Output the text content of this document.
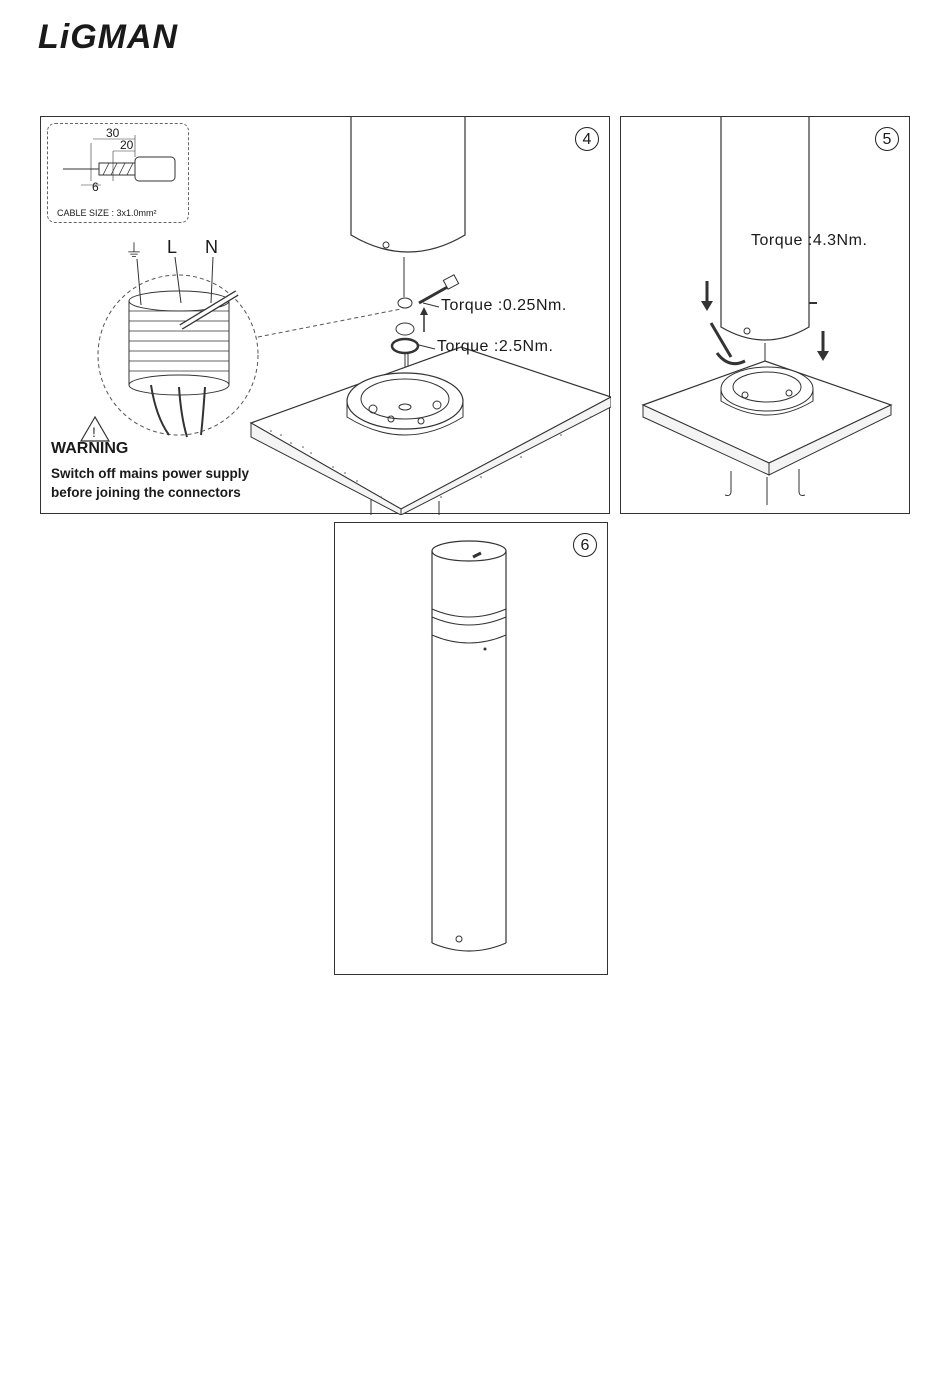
LiGMAN
!
30
20
6
CABLE SIZE : 3x1.0mm²
4
⏚ L N
Torque :0.25Nm.
Torque :2.5Nm.
WARNING
Switch off mains power supply
before joining the connectors
5
Torque :4.3Nm.
6
